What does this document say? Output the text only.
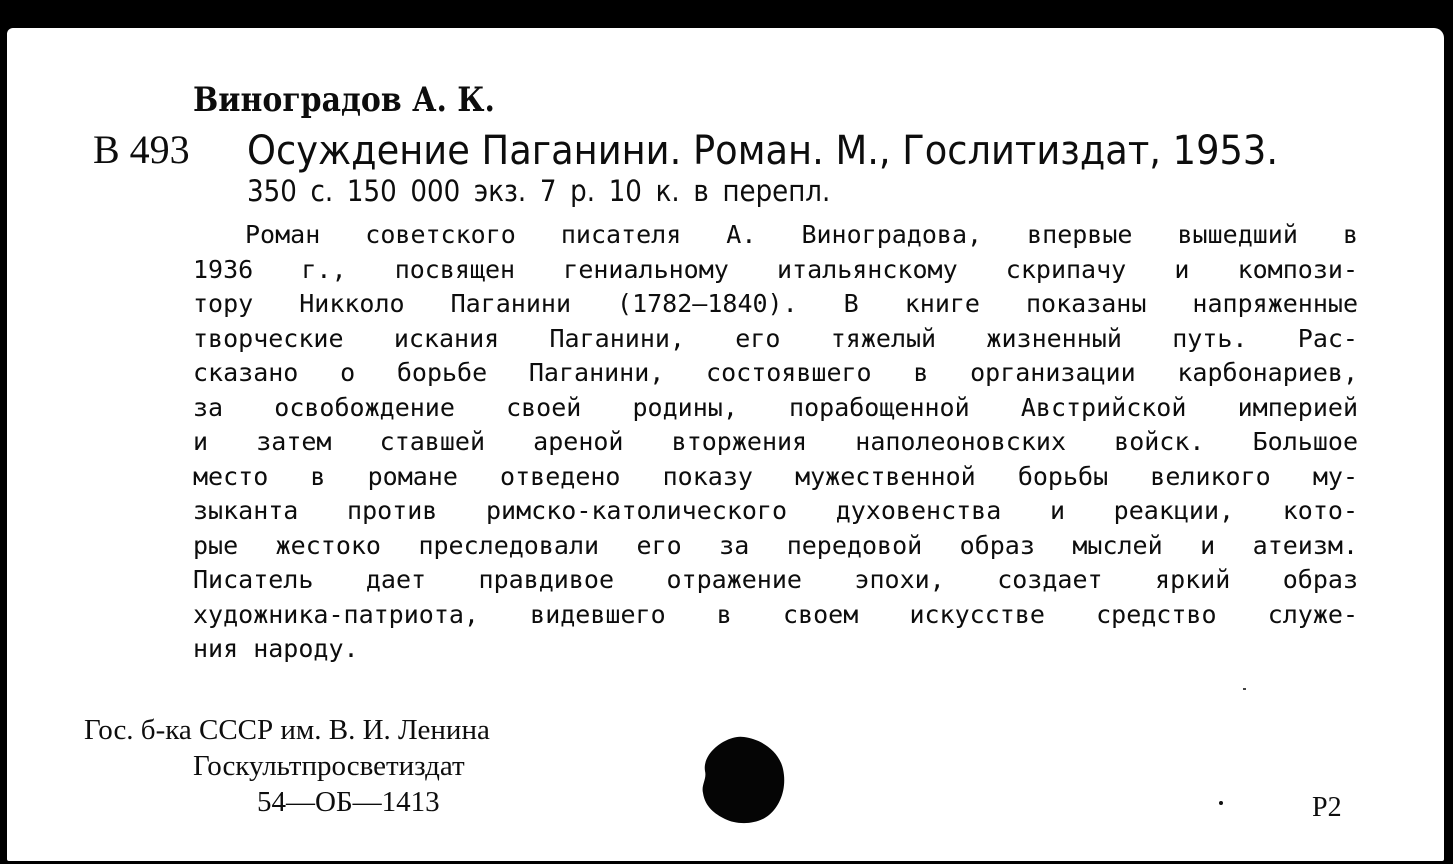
Виноградов А. К.
В 493 Осуждение Паганини. Роман. М., Гослитиздат, 1953.
350 с. 150 000 экз. 7 р. 10 к. в перепл.
Роман советского писателя А. Виноградова, впервые вышедший в
1936 г., посвящен гениальному итальянскому скрипачу и компози-
тору Никколо Паганини (1782—1840). В книге показаны напряженные
творческие искания Паганини, его тяжелый жизненный путь. Рас-
сказано о борьбе Паганини, состоявшего в организации карбонариев,
за освобождение своей родины, порабощенной Австрийской империей
и затем ставшей ареной вторжения наполеоновских войск. Большое
место в романе отведено показу мужественной борьбы великого му-
зыканта против римско-католического духовенства и реакции, кото-
рые жестоко преследовали его за передовой образ мыслей и атеизм.
Писатель дает правдивое отражение эпохи, создает яркий образ
художника-патриота, видевшего в своем искусстве средство служе-
ния народу.
Гос. б-ка СССР им. В. И. Ленина
Госкультпросветиздат
54—ОБ—1413	Р2
